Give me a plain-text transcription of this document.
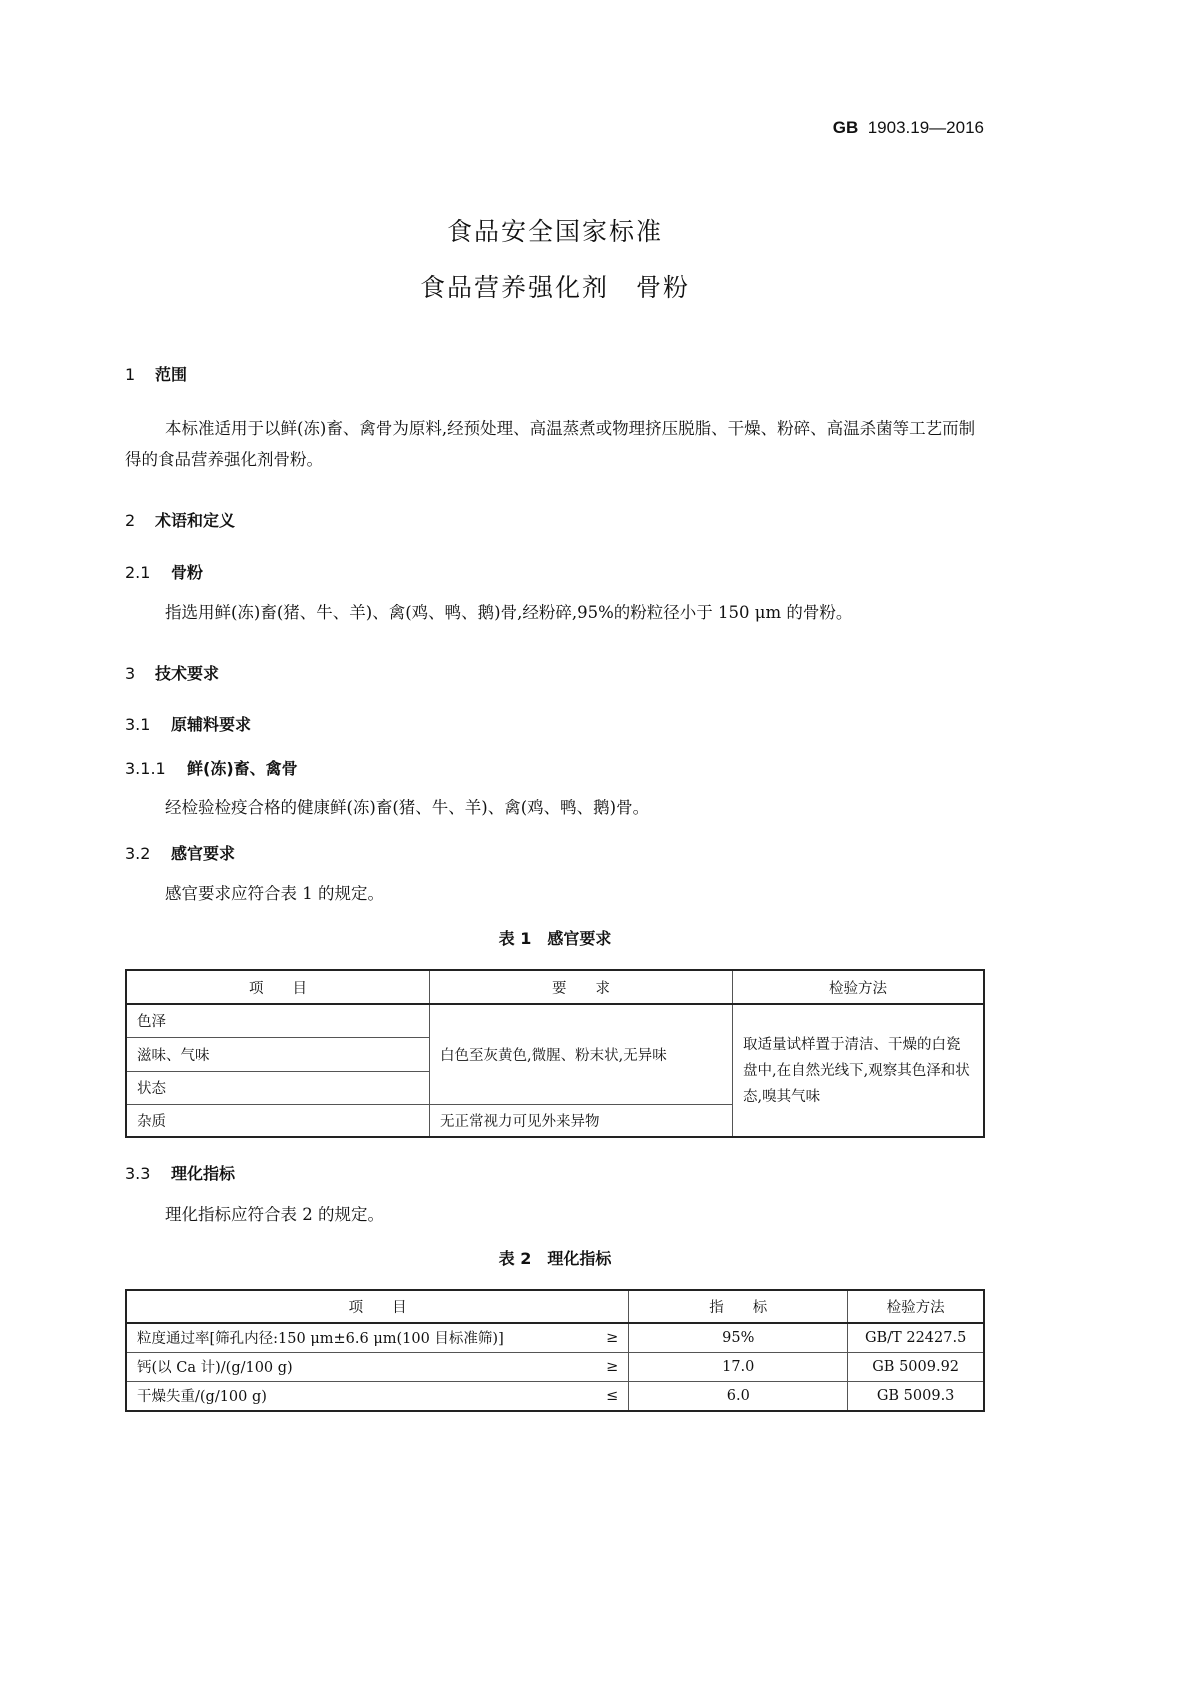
GB 1903.19—2016
食品安全国家标准
食品营养强化剂　骨粉
1 范围
本标准适用于以鲜(冻)畜、禽骨为原料,经预处理、高温蒸煮或物理挤压脱脂、干燥、粉碎、高温杀菌等工艺而制得的食品营养强化剂骨粉。
2 术语和定义
2.1 骨粉
指选用鲜(冻)畜(猪、牛、羊)、禽(鸡、鸭、鹅)骨,经粉碎,95%的粉粒径小于 150 μm 的骨粉。
3 技术要求
3.1 原辅料要求
3.1.1 鲜(冻)畜、禽骨
经检验检疫合格的健康鲜(冻)畜(猪、牛、羊)、禽(鸡、鸭、鹅)骨。
3.2 感官要求
感官要求应符合表 1 的规定。
表 1　感官要求
项　　目	要　　求	检验方法
色泽	白色至灰黄色,微腥、粉末状,无异味	取适量试样置于清洁、干燥的白瓷盘中,在自然光线下,观察其色泽和状态,嗅其气味
滋味、气味		
状态		
杂质	无正常视力可见外来异物	
3.3 理化指标
理化指标应符合表 2 的规定。
表 2　理化指标
项　　目		指　　标	检验方法
粒度通过率[筛孔内径:150 μm±6.6 μm(100 目标准筛)]	≥	95%	GB/T 22427.5
钙(以 Ca 计)/(g/100 g)	≥	17.0	GB 5009.92
干燥失重/(g/100 g)	≤	6.0	GB 5009.3
